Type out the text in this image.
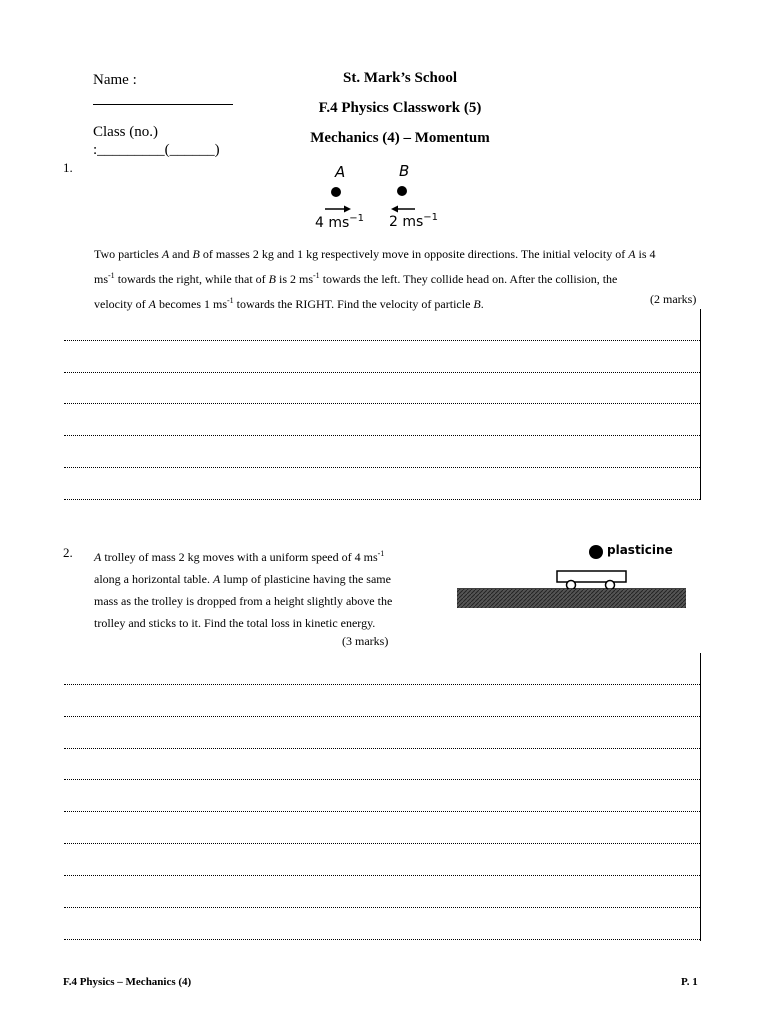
Name :
Class (no.)
:_________(______)
St. Mark’s School
F.4 Physics Classwork (5)
Mechanics (4) – Momentum
1.	A	B
4 $ms^{-1}$ 2 $ms^{-1}$
Two particles A and B of masses 2 kg and 1 kg respectively move in opposite directions. The initial velocity of A is 4
$ms^{-1}$ towards the right, while that of B is 2 $ms^{-1}$ towards the left. They collide head on. After the collision, the
velocity of A becomes 1 $ms^{-1}$ towards the RIGHT. Find the velocity of particle B.	(2 marks)
2. A trolley of mass 2 kg moves with a uniform speed of 4 $ms^{-1}$
along a horizontal table. A lump of plasticine having the same
mass as the trolley is dropped from a height slightly above the
trolley and sticks to it. Find the total loss in kinetic energy.
(3 marks)
plasticine
F.4 Physics – Mechanics (4)	P. 1
